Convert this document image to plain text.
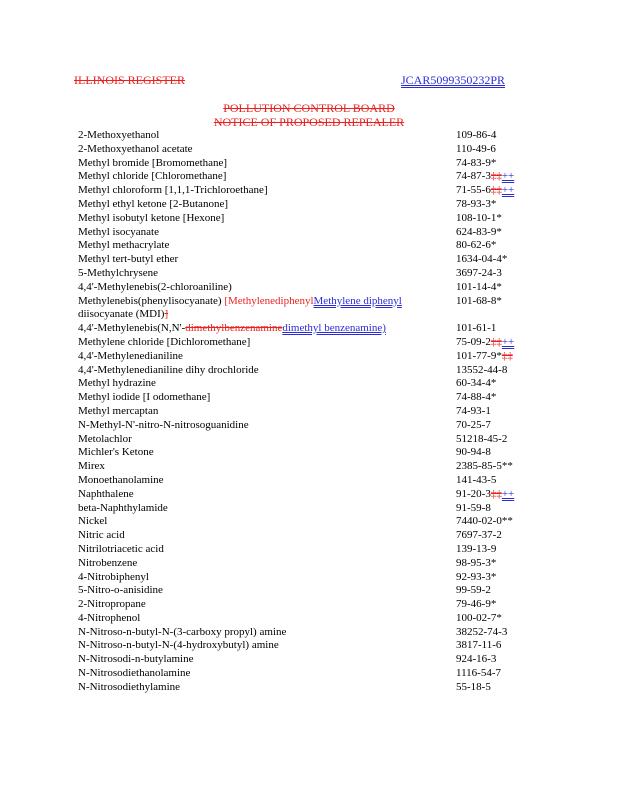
ILLINOIS REGISTER	JCAR5099350232PR
POLLUTION CONTROL BOARD
NOTICE OF PROPOSED REPEALER
2-Methoxyethanol	109-86-4
2-Methoxyethanol acetate	110-49-6
Methyl bromide [Bromomethane]	74-83-9*
Methyl chloride [Chloromethane]	74-87-3‡‡++
Methyl chloroform [1,1,1-Trichloroethane]	71-55-6‡‡++
Methyl ethyl ketone [2-Butanone]	78-93-3*
Methyl isobutyl ketone [Hexone]	108-10-1*
Methyl isocyanate	624-83-9*
Methyl methacrylate	80-62-6*
Methyl tert-butyl ether	1634-04-4*
5-Methylchrysene	3697-24-3
4,4'-Methylenebis(2-chloroaniline)	101-14-4*
Methylenebis(phenylisocyanate) [MethylenediphenylMethylene diphenyl	101-68-8*
diisocyanate (MDI)]
4,4'-Methylenebis(N,N'-dimethylbenzenaminedimethyl benzenamine)	101-61-1
Methylene chloride [Dichloromethane]	75-09-2‡‡++
4,4'-Methylenedianiline	101-77-9*‡‡
4,4'-Methylenedianiline dihy drochloride	13552-44-8
Methyl hydrazine	60-34-4*
Methyl iodide [I odomethane]	74-88-4*
Methyl mercaptan	74-93-1
N-Methyl-N'-nitro-N-nitrosoguanidine	70-25-7
Metolachlor	51218-45-2
Michler's Ketone	90-94-8
Mirex	2385-85-5**
Monoethanolamine	141-43-5
Naphthalene	91-20-3‡‡++
beta-Naphthylamide	91-59-8
Nickel	7440-02-0**
Nitric acid	7697-37-2
Nitrilotriacetic acid	139-13-9
Nitrobenzene	98-95-3*
4-Nitrobiphenyl	92-93-3*
5-Nitro-o-anisidine	99-59-2
2-Nitropropane	79-46-9*
4-Nitrophenol	100-02-7*
N-Nitroso-n-butyl-N-(3-carboxy propyl) amine	38252-74-3
N-Nitroso-n-butyl-N-(4-hydroxybutyl) amine	3817-11-6
N-Nitrosodi-n-butylamine	924-16-3
N-Nitrosodiethanolamine	1116-54-7
N-Nitrosodiethylamine	55-18-5
